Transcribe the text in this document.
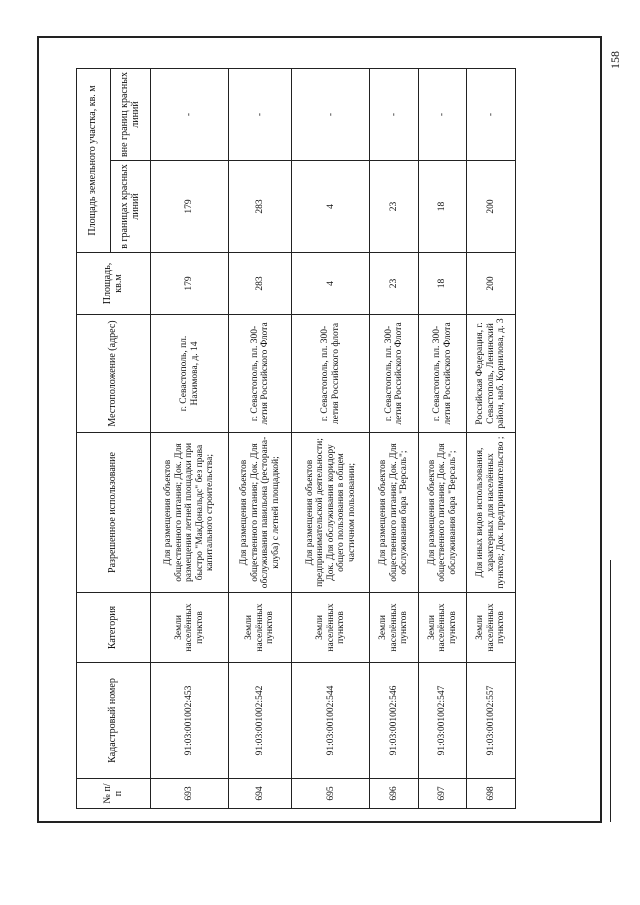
158
№ п/п	Кадастровый номер	Категория	Разрешенное использование	Местоположение (адрес)	Площадь, кв.м	Площадь земельного участка, кв. м	
						в границах красных линий	вне границ красных линий
693	91:03:001002:453	Земли населённых пунктов	Для размещения объектов общественного питания; Док. Для размещения летней площадки при быстро "МакДональдс" без права капитального строительства;	г. Севастополь, пл. Нахимова, д. 14	179	179	-
694	91:03:001002:542	Земли населённых пунктов	Для размещения объектов общественного питания; Док. Для обслуживания павильона (ресторана-клуба) с летней площадкой;	г. Севастополь, пл. 300-летия Российского Флота	283	283	-
695	91:03:001002:544	Земли населённых пунктов	Для размещения объектов предпринимательской деятельности; Док. Для обслуживания коридору общего пользования в общем частичном пользовании;	г. Севастополь, пл. 300-летия Российского флота	4	4	-
696	91:03:001002:546	Земли населённых пунктов	Для размещения объектов общественного питания; Док. Для обслуживания бара "Версаль";	г. Севастополь, пл. 300-летия Российского Флота	23	23	-
697	91:03:001002:547	Земли населённых пунктов	Для размещения объектов общественного питания; Док. Для обслуживания бара "Версаль";	г. Севастополь, пл. 300-летия Российского Флота	18	18	-
698	91:03:001002:557	Земли населённых пунктов	Для иных видов использования, характерных для населённых пунктов; Док. предпринимательство ;	Российская Федерация, г. Севастополь, Ленинский район, наб. Корнилова, д. 3	200	200	-
